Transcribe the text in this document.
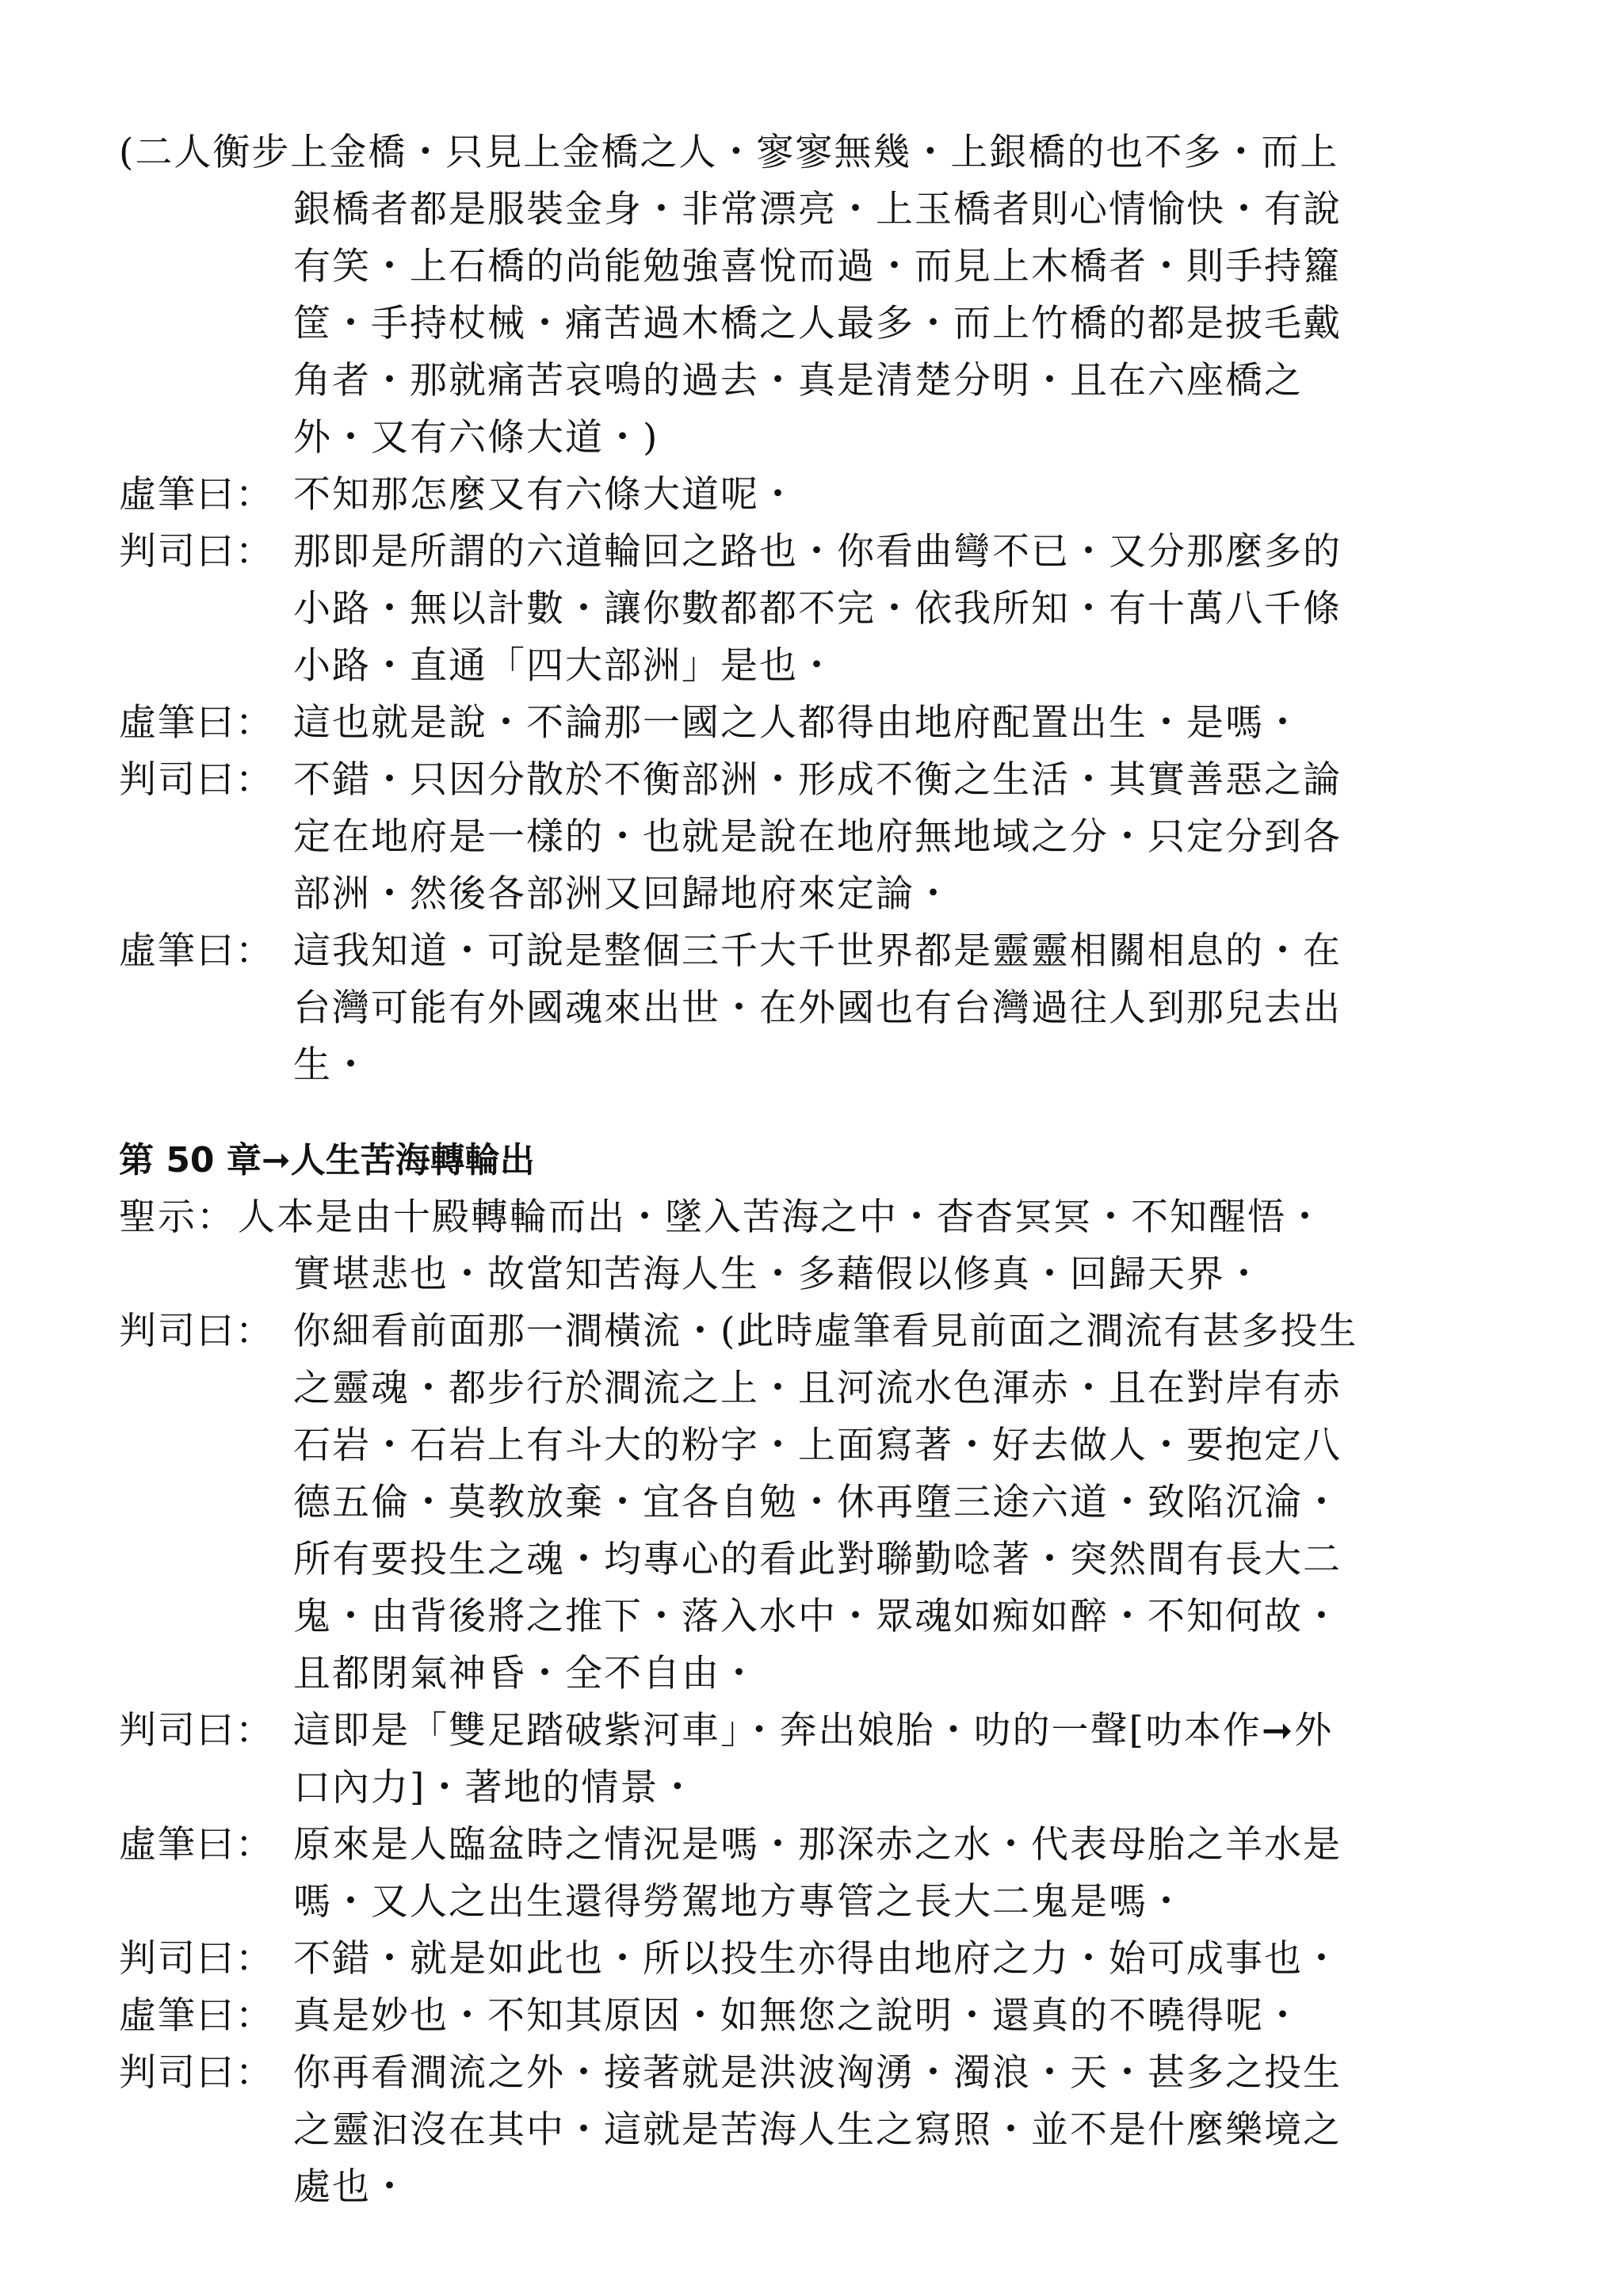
(二人衡步上金橋・只見上金橋之人・寥寥無幾・上銀橋的也不多・而上
銀橋者都是服裝金身・非常漂亮・上玉橋者則心情愉快・有說
有笑・上石橋的尚能勉強喜悅而過・而見上木橋者・則手持籮
筐・手持杖械・痛苦過木橋之人最多・而上竹橋的都是披毛戴
角者・那就痛苦哀鳴的過去・真是清楚分明・且在六座橋之
外・又有六條大道・)
虛筆曰： 不知那怎麼又有六條大道呢・
判司曰： 那即是所謂的六道輪回之路也・你看曲彎不已・又分那麼多的
小路・無以計數・讓你數都都不完・依我所知・有十萬八千條
小路・直通「四大部洲」是也・
虛筆曰： 這也就是說・不論那一國之人都得由地府配置出生・是嗎・
判司曰： 不錯・只因分散於不衡部洲・形成不衡之生活・其實善惡之論
定在地府是一樣的・也就是說在地府無地域之分・只定分到各
部洲・然後各部洲又回歸地府來定論・
虛筆曰： 這我知道・可說是整個三千大千世界都是靈靈相關相息的・在
台灣可能有外國魂來出世・在外國也有台灣過往人到那兒去出
生・
第 50 章➞人生苦海轉輪出
聖示： 人本是由十殿轉輪而出・墜入苦海之中・杳杳冥冥・不知醒悟・
實堪悲也・故當知苦海人生・多藉假以修真・回歸天界・
判司曰： 你細看前面那一澗橫流・(此時虛筆看見前面之澗流有甚多投生
之靈魂・都步行於澗流之上・且河流水色渾赤・且在對岸有赤
石岩・石岩上有斗大的粉字・上面寫著・好去做人・要抱定八
德五倫・莫教放棄・宜各自勉・休再墮三途六道・致陷沉淪・
所有要投生之魂・均專心的看此對聯勤唸著・突然間有長大二
鬼・由背後將之推下・落入水中・眾魂如痴如醉・不知何故・
且都閉氣神昏・全不自由・
判司曰： 這即是「雙足踏破紫河車」・奔出娘胎・叻的一聲[叻本作➞外
口內力]・著地的情景・
虛筆曰： 原來是人臨盆時之情況是嗎・那深赤之水・代表母胎之羊水是
嗎・又人之出生還得勞駕地方專管之長大二鬼是嗎・
判司曰： 不錯・就是如此也・所以投生亦得由地府之力・始可成事也・
虛筆曰： 真是妙也・不知其原因・如無您之說明・還真的不曉得呢・
判司曰： 你再看澗流之外・接著就是洪波洶湧・濁浪・天・甚多之投生
之靈汩沒在其中・這就是苦海人生之寫照・並不是什麼樂境之
處也・
